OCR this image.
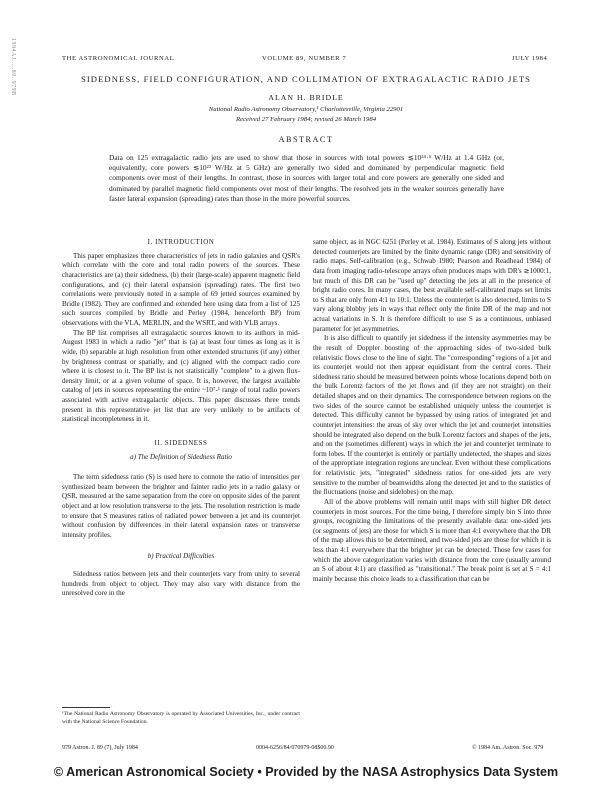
1984AJ.....89..979B	THE ASTRONOMICAL JOURNAL	VOLUME 89, NUMBER 7	JULY 1984
SIDEDNESS, FIELD CONFIGURATION, AND COLLIMATION OF EXTRAGALACTIC RADIO JETS
ALAN H. BRIDLE
National Radio Astronomy Observatory,¹ Charlottesville, Virginia 22901
Received 27 February 1984; revised 26 March 1984
ABSTRACT
Data on 125 extragalactic radio jets are used to show that those in sources with total powers ≲10²⁴·⁵ W/Hz at 1.4 GHz (or, equivalently, core powers ≲10²³ W/Hz at 5 GHz) are generally two sided and dominated by perpendicular magnetic field components over most of their lengths. In contrast, those in sources with larger total and core powers are generally one sided and dominated by parallel magnetic field components over most of their lengths. The resolved jets in the weaker sources generally have faster lateral expansion (spreading) rates than those in the more powerful sources.
I. INTRODUCTION

This paper emphasizes three characteristics of jets in radio galaxies and QSR's which correlate with the core and total radio powers of the sources. These characteristics are (a) their sidedness, (b) their (large-scale) apparent magnetic field configurations, and (c) their lateral expansion (spreading) rates. The first two correlations were previously noted in a sample of 69 jetted sources examined by Bridle (1982). They are confirmed and extended here using data from a list of 125 such sources compiled by Bridle and Perley (1984, henceforth BP) from observations with the VLA, MERLIN, and the WSRT, and with VLB arrays.

The BP list comprises all extragalactic sources known to its authors in mid-August 1983 in which a radio "jet" that is (a) at least four times as long as it is wide, (b) separable at high resolution from other extended structures (if any) either by brightness contrast or spatially, and (c) aligned with the compact radio core where it is closest to it. The BP list is not statistically "complete" to a given flux-density limit, or at a given volume of space. It is, however, the largest available catalog of jets in sources representing the entire ~10⁷-¹ range of total radio powers associated with active extragalactic objects. This paper discusses three trends present in this representative jet list that are very unlikely to be artifacts of statistical incompleteness in it.

II. SIDEDNESS
a) The Definition of Sidedness Ratio

The term sidedness ratio (S) is used here to connote the ratio of intensities per synthesized beam between the brighter and fainter radio jets in a radio galaxy or QSR, measured at the same separation from the core on opposite sides of the parent object and at low resolution transverse to the jets. The resolution restriction is made to ensure that S measures ratios of radiated power between a jet and its counterjet without confusion by differences in their lateral expansion rates or transverse intensity profiles.

b) Practical Difficulties

Sidedness ratios between jets and their counterjets vary from unity to several hundreds from object to object. They may also vary with distance from the unresolved core in the

¹The National Radio Astronomy Observatory is operated by Associated Universities, Inc., under contract with the National Science Foundation.

same object, as in NGC 6251 (Perley et al. 1984). Estimates of S along jets without detected counterjets are limited by the finite dynamic range (DR) and sensitivity of radio maps. Self-calibration (e.g., Schwab 1980; Pearson and Readhead 1984) of data from imaging radio-telescope arrays often produces maps with DR's ≳1000:1, but much of this DR can be "used up" detecting the jets at all in the presence of bright radio cores. In many cases, the best available self-calibrated maps set limits to S that are only from 4:1 to 10:1. Unless the counterjet is also detected, limits to S vary along blobby jets in ways that reflect only the finite DR of the map and not actual variations in S. It is therefore difficult to use S as a continuous, unbiased parameter for jet asymmetries.

It is also difficult to quantify jet sidedness if the intensity asymmetries may be the result of Doppler boosting of the approaching sides of two-sided bulk relativistic flows close to the line of sight. The "corresponding" regions of a jet and its counterjet would not then appear equidistant from the central cores. Their sidedness ratio should be measured between points whose locations depend both on the bulk Lorentz factors of the jet flows and (if they are not straight) on their detailed shapes and on their dynamics. The correspondence between regions on the two sides of the source cannot be established uniquely unless the counterjet is detected. This difficulty cannot be bypassed by using ratios of integrated jet and counterjet intensities: the areas of sky over which the jet and counterjet intensities should be integrated also depend on the bulk Lorentz factors and shapes of the jets, and on the (sometimes different) ways in which the jet and counterjet terminate to form lobes. If the counterjet is entirely or partially undetected, the shapes and sizes of the appropriate integration regions are unclear. Even without these complications for relativistic jets, "integrated" sidedness ratios for one-sided jets are very sensitive to the number of beamwidths along the detected jet and to the statistics of the fluctuations (noise and sidelobes) on the map.

All of the above problems will remain until maps with still higher DR detect counterjets in most sources. For the time being, I therefore simply bin S into three groups, recognizing the limitations of the presently available data: one-sided jets (or segments of jets) are those for which S is more than 4:1 everywhere that the DR of the map allows this to be determined, and two-sided jets are those for which it is less than 4:1 everywhere that the brighter jet can be detected. Those few cases for which the above categorization varies with distance from the core (usually around an S of about 4:1) are classified as "transitional." The break point is set at S = 4:1 mainly because this choice leads to a classification that can be

979 Astron. J. 89 (7), July 1984	0004-6256/84/070979-08$00.90	© 1984 Am. Astron. Soc. 979
© American Astronomical Society • Provided by the NASA Astrophysics Data System
